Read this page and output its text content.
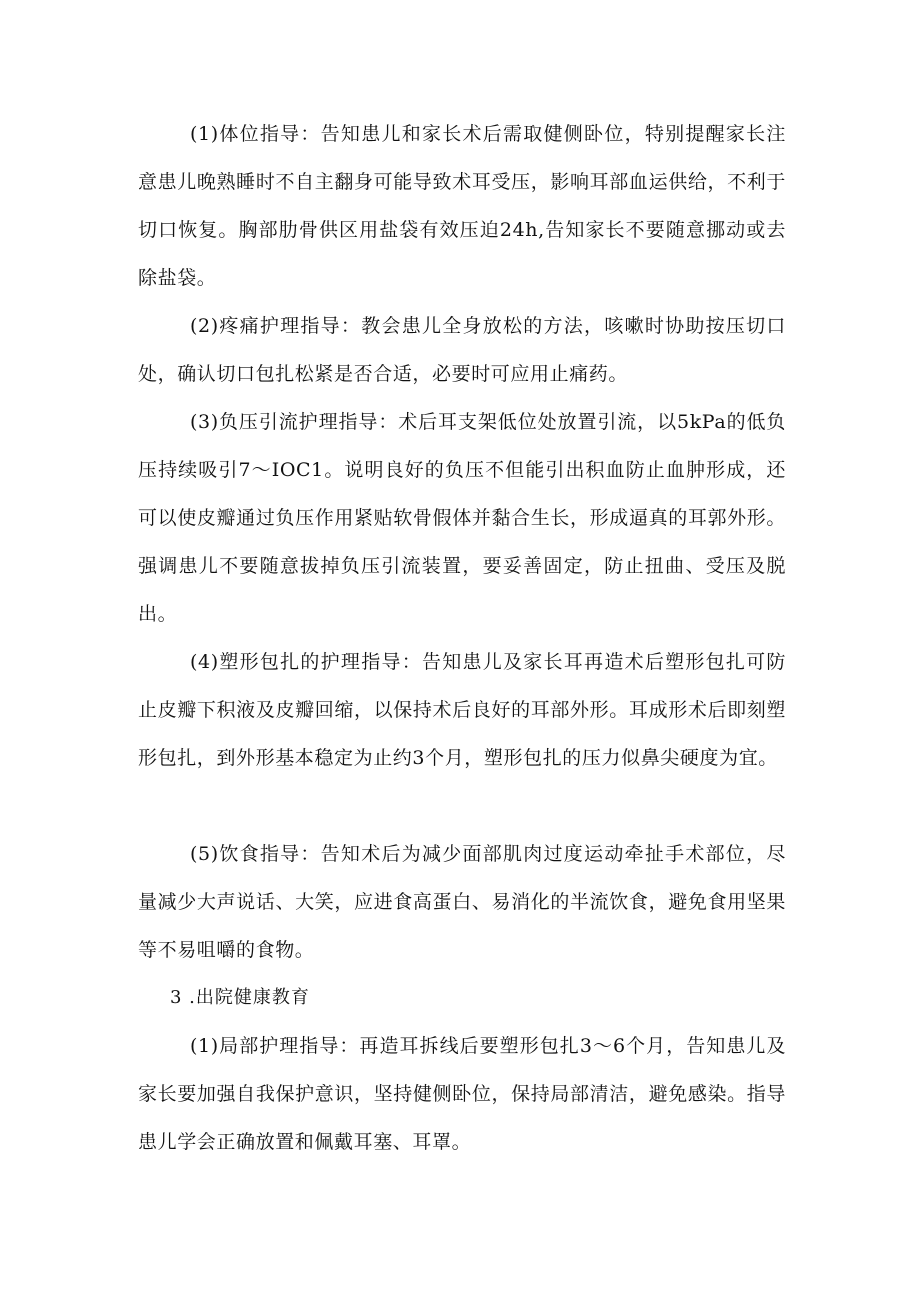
(1)体位指导：告知患儿和家长术后需取健侧卧位，特别提醒家长注意患儿晚熟睡时不自主翻身可能导致术耳受压，影响耳部血运供给，不利于切口恢复。胸部肋骨供区用盐袋有效压迫24h,告知家长不要随意挪动或去除盐袋。

(2)疼痛护理指导：教会患儿全身放松的方法，咳嗽时协助按压切口处，确认切口包扎松紧是否合适，必要时可应用止痛药。

(3)负压引流护理指导：术后耳支架低位处放置引流，以5kPa的低负压持续吸引7～IOC1。说明良好的负压不但能引出积血防止血肿形成，还可以使皮瓣通过负压作用紧贴软骨假体并黏合生长，形成逼真的耳郭外形。强调患儿不要随意拔掉负压引流装置，要妥善固定，防止扭曲、受压及脱出。

(4)塑形包扎的护理指导：告知患儿及家长耳再造术后塑形包扎可防止皮瓣下积液及皮瓣回缩，以保持术后良好的耳部外形。耳成形术后即刻塑形包扎，到外形基本稳定为止约3个月，塑形包扎的压力似鼻尖硬度为宜。

(5)饮食指导：告知术后为减少面部肌肉过度运动牵扯手术部位，尽量减少大声说话、大笑，应进食高蛋白、易消化的半流饮食，避免食用坚果等不易咀嚼的食物。

3 .出院健康教育

(1)局部护理指导：再造耳拆线后要塑形包扎3～6个月，告知患儿及家长要加强自我保护意识，坚持健侧卧位，保持局部清洁，避免感染。指导患儿学会正确放置和佩戴耳塞、耳罩。
